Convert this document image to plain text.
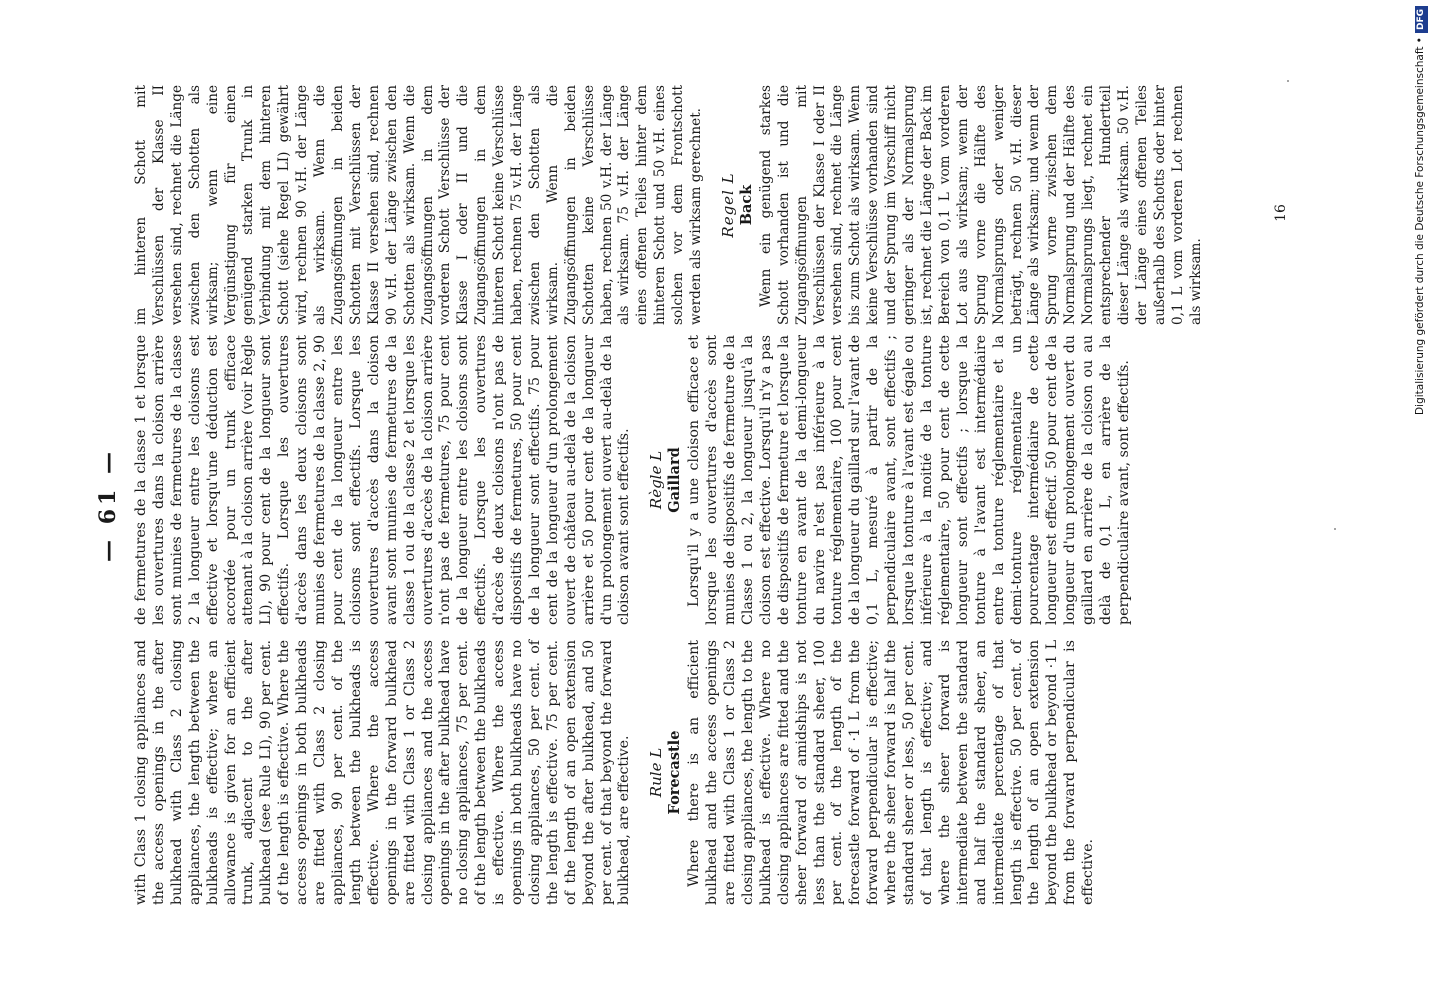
— 61 —

with Class 1 closing appliances and the access openings in the after bulkhead with Class 2 closing appliances, the length between the bulkheads is effective; where an allowance is given for an efficient trunk, adjacent to the after bulkhead (see Rule LI), 90 per cent. of the length is effective. Where the access openings in both bulkheads are fitted with Class 2 closing appliances, 90 per cent. of the length between the bulkheads is effective. Where the access openings in the forward bulkhead are fitted with Class 1 or Class 2 closing appliances and the access openings in the after bulkhead have no closing appliances, 75 per cent. of the length between the bulkheads is effective. Where the access openings in both bulkheads have no closing appliances, 50 per cent. of the length is effective. 75 per cent. of the length of an open extension beyond the after bulkhead, and 50 per cent. of that beyond the forward bulkhead, are effective. Rule L Forecastle Where there is an efficient bulkhead and the access openings are fitted with Class 1 or Class 2 closing appliances, the length to the bulkhead is effective. Where no closing appliances are fitted and the sheer forward of amidships is not less than the standard sheer, 100 per cent. of the length of the forecastle forward of ·1 L from the forward perpendicular is effective; where the sheer forward is half the standard sheer or less, 50 per cent. of that length is effective; and where the sheer forward is intermediate between the standard and half the standard sheer, an intermediate percentage of that length is effective. 50 per cent. of the length of an open extension beyond the bulkhead or beyond ·1 L from the forward perpendicular is effective.

de fermetures de la classe 1 et lorsque les ouvertures dans la cloison arrière sont munies de fermetures de la classe 2 la longueur entre les cloisons est effective et lorsqu'une déduction est accordée pour un trunk efficace attenant à la cloison arrière (voir Règle LI), 90 pour cent de la longueur sont effectifs. Lorsque les ouvertures d'accès dans les deux cloisons sont munies de fermetures de la classe 2, 90 pour cent de la longueur entre les cloisons sont effectifs. Lorsque les ouvertures d'accès dans la cloison avant sont munies de fermetures de la classe 1 ou de la classe 2 et lorsque les ouvertures d'accès de la cloison arrière n'ont pas de fermetures, 75 pour cent de la longueur entre les cloisons sont effectifs. Lorsque les ouvertures d'accès de deux cloisons n'ont pas de dispositifs de fermetures, 50 pour cent de la longueur sont effectifs. 75 pour cent de la longueur d'un prolongement ouvert de château au-delà de la cloison arrière et 50 pour cent de la longueur d'un prolongement ouvert au-delà de la cloison avant sont effectifs. Règle L Gaillard Lorsqu'il y a une cloison efficace et lorsque les ouvertures d'accès sont munies de dispositifs de fermeture de la Classe 1 ou 2, la longueur jusqu'à la cloison est effective. Lorsqu'il n'y a pas de dispositifs de fermeture et lorsque la tonture en avant de la demi-longueur du navire n'est pas inférieure à la tonture réglementaire, 100 pour cent de la longueur du gaillard sur l'avant de 0,1 L, mesuré à partir de la perpendiculaire avant, sont effectifs ; lorsque la tonture à l'avant est égale ou inférieure à la moitié de la tonture réglementaire, 50 pour cent de cette longueur sont effectifs ; lorsque la tonture à l'avant est intermédiaire entre la tonture réglementaire et la demi-tonture réglementaire un pourcentage intermédiaire de cette longueur est effectif. 50 pour cent de la longueur d'un prolongement ouvert du gaillard en arrière de la cloison ou au delà de 0,1 L, en arrière de la perpendiculaire avant, sont effectifs.

im hinteren Schott mit Verschlüssen der Klasse II versehen sind, rechnet die Länge zwischen den Schotten als wirksam; wenn eine Vergünstigung für einen genügend starken Trunk in Verbindung mit dem hinteren Schott (siehe Regel LI) gewährt wird, rechnen 90 v.H. der Länge als wirksam. Wenn die Zugangsöffnungen in beiden Schotten mit Verschlüssen der Klasse II versehen sind, rechnen 90 v.H. der Länge zwischen den Schotten als wirksam. Wenn die Zugangsöffnungen in dem vorderen Schott Verschlüsse der Klasse I oder II und die Zugangsöffnungen in dem hinteren Schott keine Verschlüsse haben, rechnen 75 v.H. der Länge zwischen den Schotten als wirksam. Wenn die Zugangsöffnungen in beiden Schotten keine Verschlüsse haben, rechnen 50 v.H. der Länge als wirksam. 75 v.H. der Länge eines offenen Teiles hinter dem hinteren Schott und 50 v.H. eines solchen vor dem Frontschott werden als wirksam gerechnet. Regel L Back Wenn ein genügend starkes Schott vorhanden ist und die Zugangsöffnungen mit Verschlüssen der Klasse I oder II versehen sind, rechnet die Länge bis zum Schott als wirksam. Wenn keine Verschlüsse vorhanden sind und der Sprung im Vorschiff nicht geringer als der Normalsprung ist, rechnet die Länge der Back im Bereich von 0,1 L vom vorderen Lot aus als wirksam; wenn der Sprung vorne die Hälfte des Normalsprungs oder weniger beträgt, rechnen 50 v.H. dieser Länge als wirksam; und wenn der Sprung vorne zwischen dem Normalsprung und der Hälfte des Normalsprungs liegt, rechnet ein entsprechender Hundertteil dieser Länge als wirksam. 50 v.H. der Länge eines offenen Teiles außerhalb des Schotts oder hinter 0,1 L vom vorderen Lot rechnen als wirksam.

16	Digitalisierung gefördert durch die Deutsche Forschungsgemeinschaft •DFG
